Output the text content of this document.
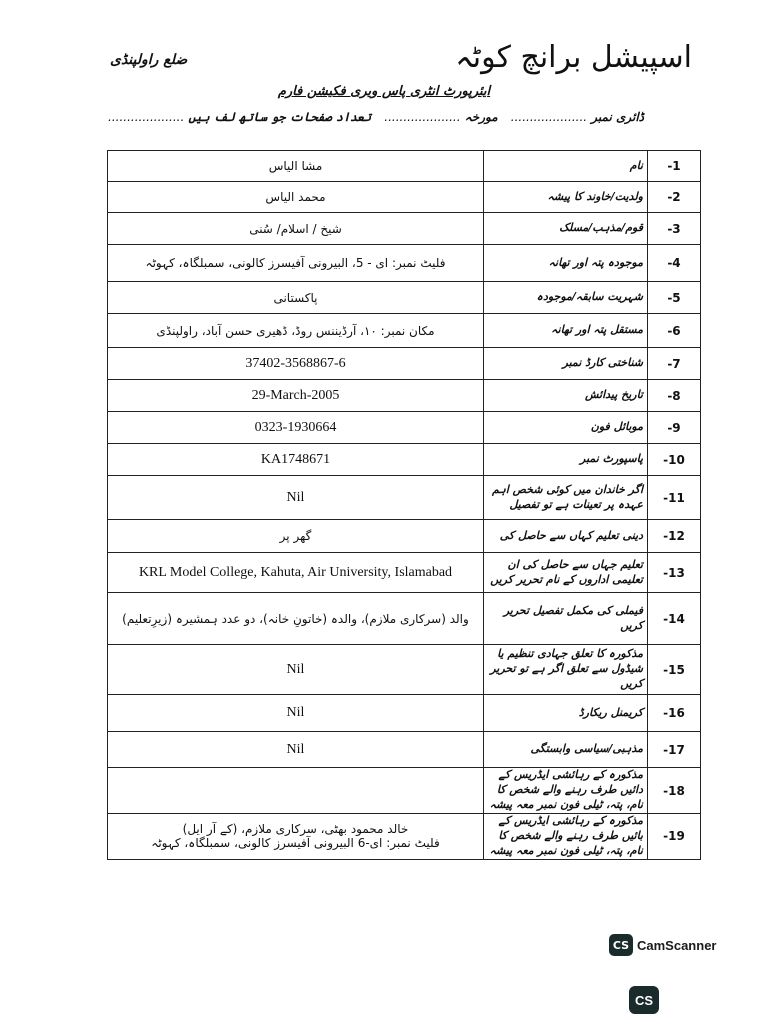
اسپیشل برانچ کوٹہ
ضلع راولپنڈی
ایئرپورٹ انٹری پاس ویری فکیشن فارم
ڈائری نمبر ....................
مورخہ ....................
تعداد صفحات جو ساتھ لف ہیں ....................
مشا الیاس	نام	-1
محمد الیاس	ولدیت/خاوند کا پیشہ	-2
شیخ / اسلام/ سُنی	قوم/مذہب/مسلک	-3
فلیٹ نمبر: ای - 5، البیرونی آفیسرز کالونی، سمبلگاہ، کہوٹہ	موجودہ پتہ اور تھانہ	-4
پاکستانی	شہریت سابقہ/موجودہ	-5
مکان نمبر: ۱۰، آرڈیننس روڈ، ڈھیری حسن آباد، راولپنڈی	مستقل پتہ اور تھانہ	-6
37402-3568867-6	شناختی کارڈ نمبر	-7
29-March-2005	تاریخ پیدائش	-8
0323-1930664	موبائل فون	-9
KA1748671	پاسپورٹ نمبر	-10
Nil	اگر خاندان میں کوئی شخص اہم عہدہ پر تعینات ہے تو تفصیل	-11
گھر پر	دینی تعلیم کہاں سے حاصل کی	-12
KRL Model College, Kahuta, Air University, Islamabad	تعلیم جہاں سے حاصل کی ان تعلیمی اداروں کے نام تحریر کریں	-13
والد (سرکاری ملازم)، والدہ (خاتونِ خانہ)، دو عدد ہمشیرہ (زیرِتعلیم)	فیملی کی مکمل تفصیل تحریر کریں	-14
Nil	مذکورہ کا تعلق جہادی تنظیم یا شیڈول سے تعلق اگر ہے تو تحریر کریں	-15
Nil	کریمنل ریکارڈ	-16
Nil	مذہبی/سیاسی وابستگی	-17
	مذکورہ کے رہائشی ایڈریس کے دائیں طرف رہنے والے شخص کا نام، پتہ، ٹیلی فون نمبر معہ پیشہ	-18
خالد محمود بھٹی، سرکاری ملازم، (کے آر ایل)
فلیٹ نمبر: ای-6 البیرونی آفیسرز کالونی، سمبلگاہ، کہوٹہ	مذکورہ کے رہائشی ایڈریس کے بائیں طرف رہنے والے شخص کا نام، پتہ، ٹیلی فون نمبر معہ پیشہ	-19
CS CamScanner
CS
